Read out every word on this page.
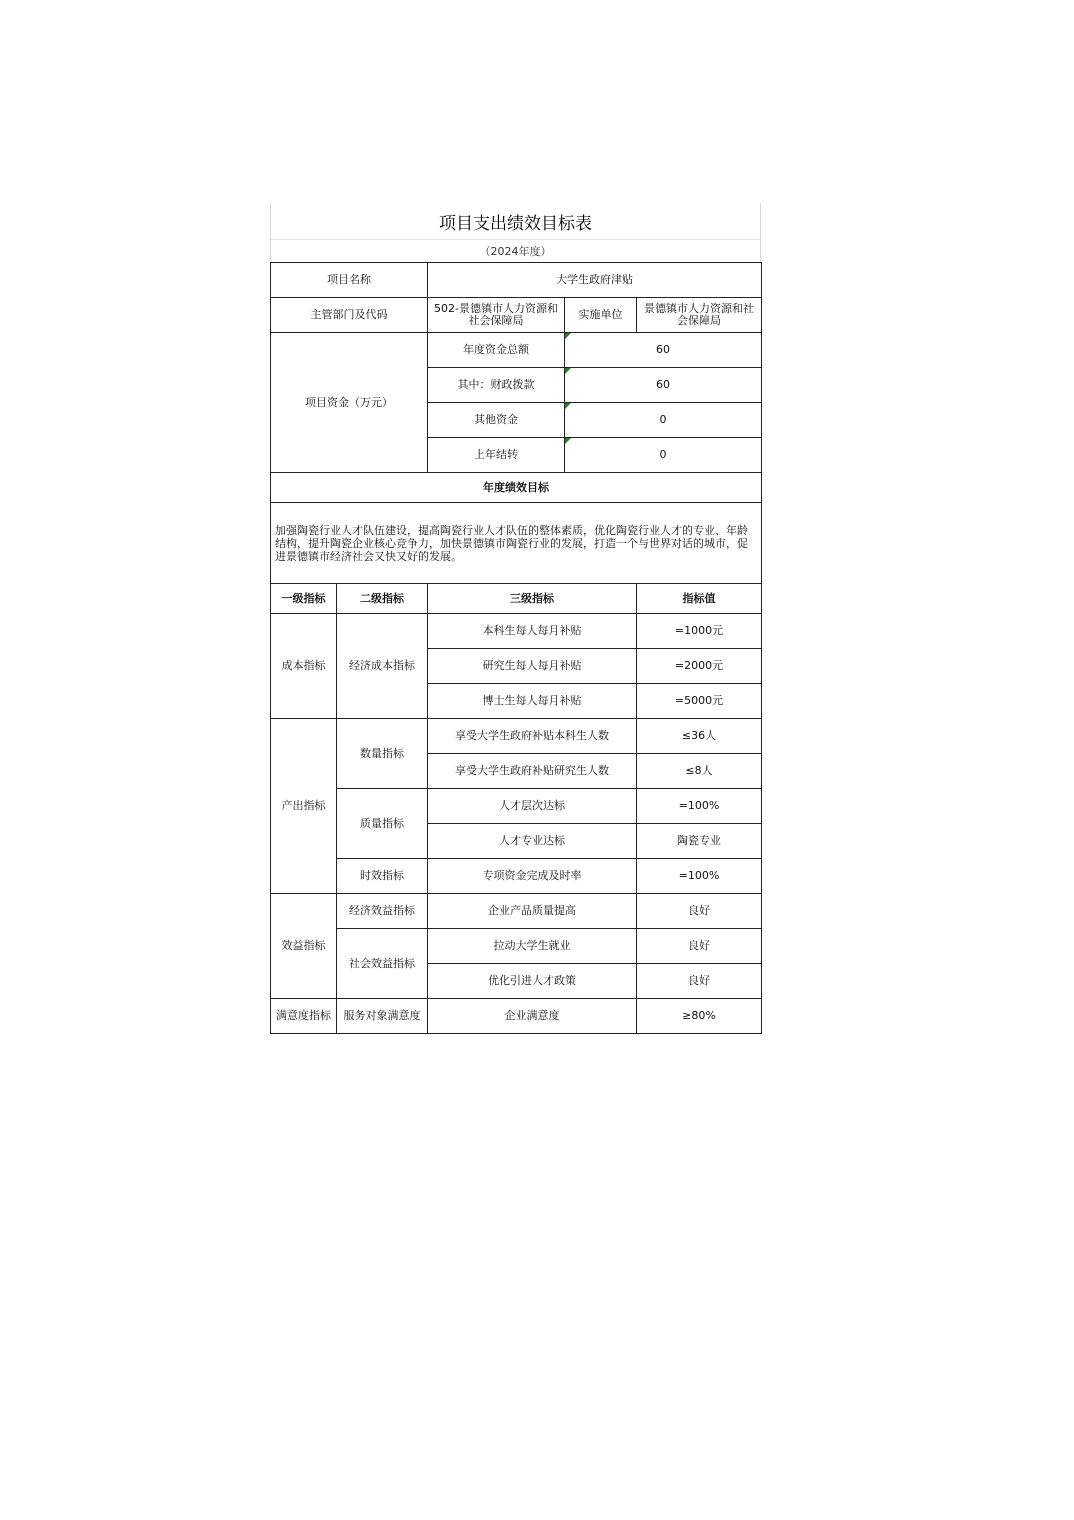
项目支出绩效目标表
（2024年度）
项目名称		大学生政府津贴		
主管部门及代码		502-景德镇市人力资源和社会保障局	实施单位	景德镇市人力资源和社会保障局
项目资金（万元）		年度资金总额	60	
		其中：财政拨款	60	
		其他资金	0	
		上年结转	0	
年度绩效目标				
加强陶瓷行业人才队伍建设，提高陶瓷行业人才队伍的整体素质，优化陶瓷行业人才的专业、年龄结构，提升陶瓷企业核心竞争力，加快景德镇市陶瓷行业的发展，打造一个与世界对话的城市，促进景德镇市经济社会又快又好的发展。				
一级指标	二级指标	三级指标		指标值
成本指标	经济成本指标	本科生每人每月补贴		=1000元
		研究生每人每月补贴		=2000元
		博士生每人每月补贴		=5000元
产出指标	数量指标	享受大学生政府补贴本科生人数		≤36人
		享受大学生政府补贴研究生人数		≤8人
	质量指标	人才层次达标		=100%
		人才专业达标		陶瓷专业
	时效指标	专项资金完成及时率		=100%
效益指标	经济效益指标	企业产品质量提高		良好
	社会效益指标	拉动大学生就业		良好
		优化引进人才政策		良好
满意度指标	服务对象满意度	企业满意度		≥80%
